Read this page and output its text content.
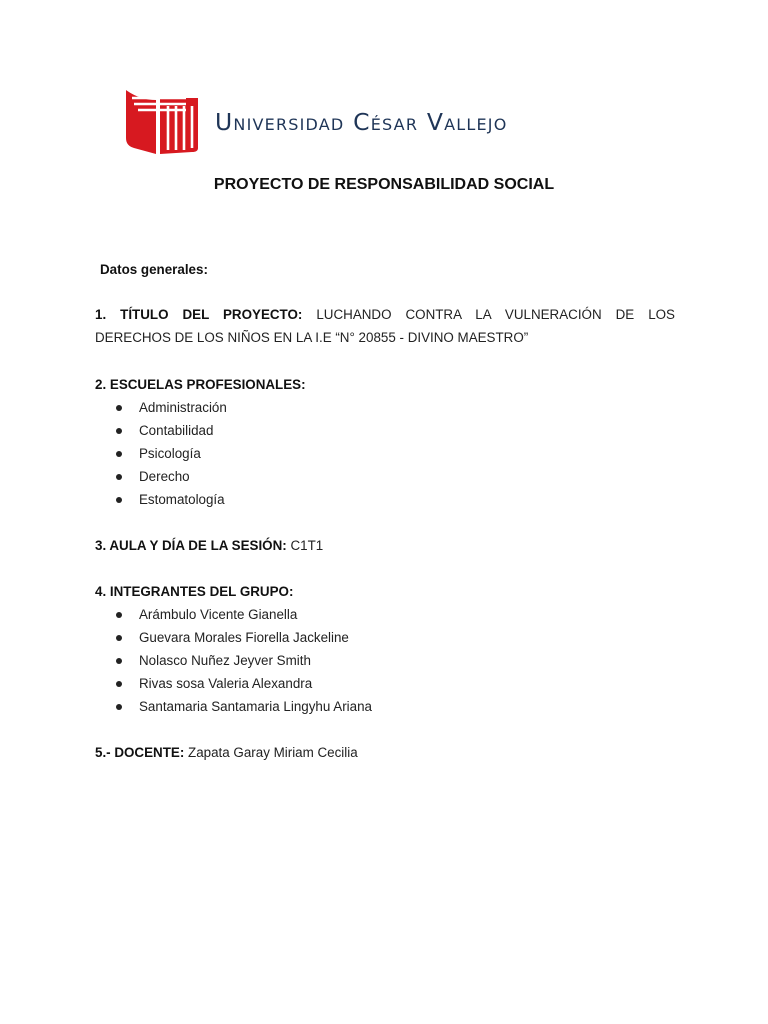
Universidad César Vallejo
PROYECTO DE RESPONSABILIDAD SOCIAL
Datos generales:
1. TÍTULO DEL PROYECTO: LUCHANDO CONTRA LA VULNERACIÓN DE LOS
DERECHOS DE LOS NIÑOS EN LA I.E “N° 20855 - DIVINO MAESTRO”
2. ESCUELAS PROFESIONALES:
Administración
Contabilidad
Psicología
Derecho
Estomatología
3. AULA Y DÍA DE LA SESIÓN: C1T1
4. INTEGRANTES DEL GRUPO:
Arámbulo Vicente Gianella
Guevara Morales Fiorella Jackeline
Nolasco Nuñez Jeyver Smith
Rivas sosa Valeria Alexandra
Santamaria Santamaria Lingyhu Ariana
5.- DOCENTE: Zapata Garay Miriam Cecilia
